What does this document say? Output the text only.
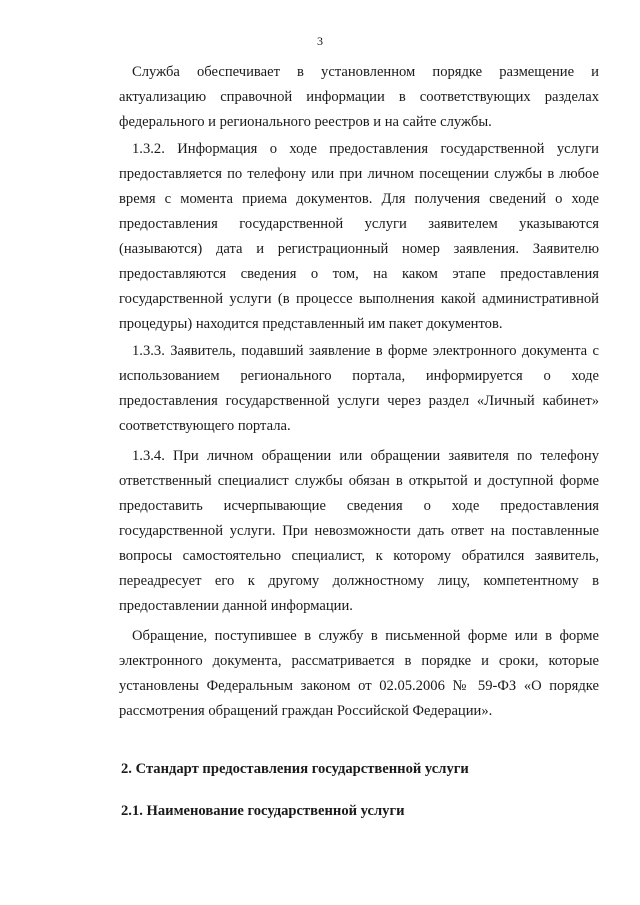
3

Служба обеспечивает в установленном порядке размещение и актуализацию справочной информации в соответствующих разделах федерального и регионального реестров и на сайте службы.

1.3.2. Информация о ходе предоставления государственной услуги предоставляется по телефону или при личном посещении службы в любое время с момента приема документов. Для получения сведений о ходе предоставления государственной услуги заявителем указываются (называются) дата и регистрационный номер заявления. Заявителю предоставляются сведения о том, на каком этапе предоставления государственной услуги (в процессе выполнения какой административной процедуры) находится представленный им пакет документов.

1.3.3. Заявитель, подавший заявление в форме электронного документа с использованием регионального портала, информируется о ходе предоставления государственной услуги через раздел «Личный кабинет» соответствующего портала.

1.3.4. При личном обращении или обращении заявителя по телефону ответственный специалист службы обязан в открытой и доступной форме предоставить исчерпывающие сведения о ходе предоставления государственной услуги. При невозможности дать ответ на поставленные вопросы самостоятельно специалист, к которому обратился заявитель, переадресует его к другому должностному лицу, компетентному в предоставлении данной информации.

Обращение, поступившее в службу в письменной форме или в форме электронного документа, рассматривается в порядке и сроки, которые установлены Федеральным законом от 02.05.2006 № 59-ФЗ «О порядке рассмотрения обращений граждан Российской Федерации».

2. Стандарт предоставления государственной услуги

2.1. Наименование государственной услуги
